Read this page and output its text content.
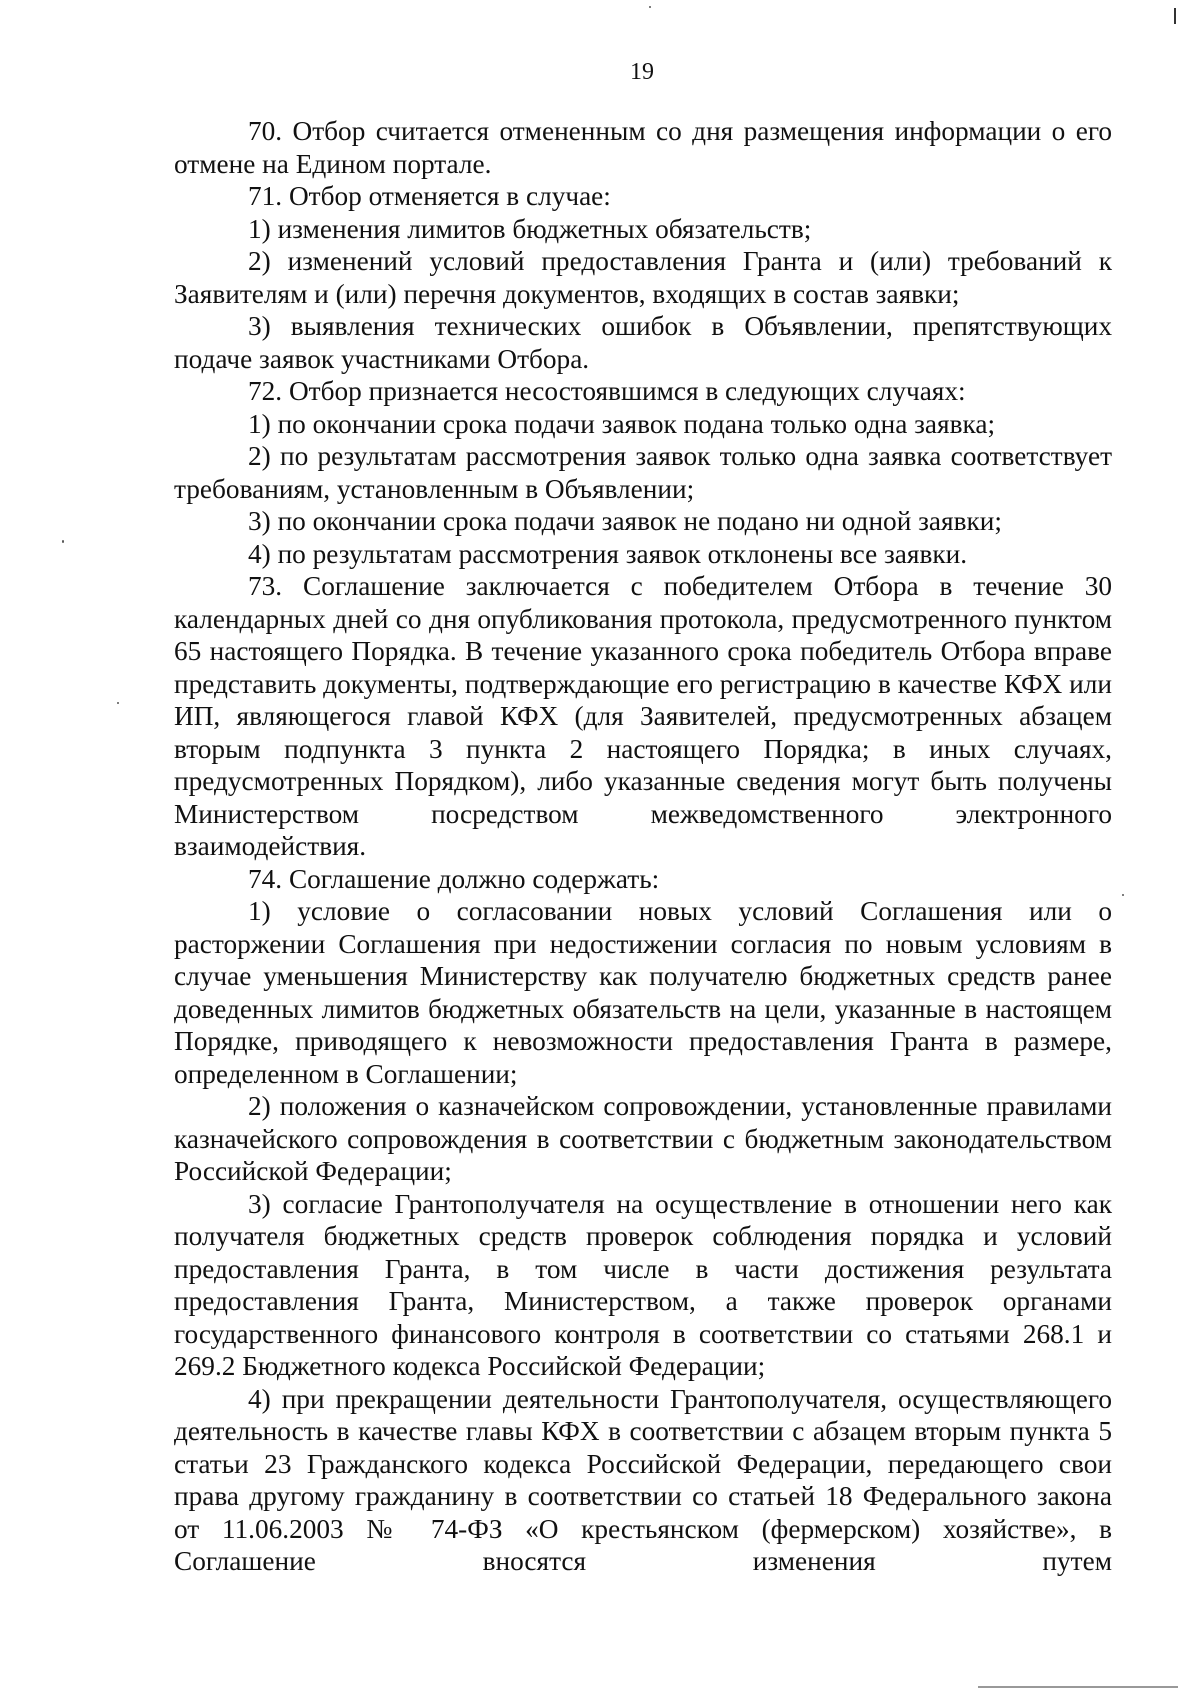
19

70. Отбор считается отмененным со дня размещения информации о его отмене на Едином портале.

71. Отбор отменяется в случае:

1) изменения лимитов бюджетных обязательств;

2) изменений условий предоставления Гранта и (или) требований к Заявителям и (или) перечня документов, входящих в состав заявки;

3) выявления технических ошибок в Объявлении, препятствующих подаче заявок участниками Отбора.

72. Отбор признается несостоявшимся в следующих случаях:

1) по окончании срока подачи заявок подана только одна заявка;

2) по результатам рассмотрения заявок только одна заявка соответствует требованиям, установленным в Объявлении;

3) по окончании срока подачи заявок не подано ни одной заявки;

4) по результатам рассмотрения заявок отклонены все заявки.

73. Соглашение заключается с победителем Отбора в течение 30 календарных дней со дня опубликования протокола, предусмотренного пунктом 65 настоящего Порядка. В течение указанного срока победитель Отбора вправе представить документы, подтверждающие его регистрацию в качестве КФХ или ИП, являющегося главой КФХ (для Заявителей, предусмотренных абзацем вторым подпункта 3 пункта 2 настоящего Порядка; в иных случаях, предусмотренных Порядком), либо указанные сведения могут быть получены Министерством посредством межведомственного электронного взаимодействия.

74. Соглашение должно содержать:

1) условие о согласовании новых условий Соглашения или о расторжении Соглашения при недостижении согласия по новым условиям в случае уменьшения Министерству как получателю бюджетных средств ранее доведенных лимитов бюджетных обязательств на цели, указанные в настоящем Порядке, приводящего к невозможности предоставления Гранта в размере, определенном в Соглашении;

2) положения о казначейском сопровождении, установленные правилами казначейского сопровождения в соответствии с бюджетным законодательством Российской Федерации;

3) согласие Грантополучателя на осуществление в отношении него как получателя бюджетных средств проверок соблюдения порядка и условий предоставления Гранта, в том числе в части достижения результата предоставления Гранта, Министерством, а также проверок органами государственного финансового контроля в соответствии со статьями 268.1 и 269.2 Бюджетного кодекса Российской Федерации;

4) при прекращении деятельности Грантополучателя, осуществляющего деятельность в качестве главы КФХ в соответствии с абзацем вторым пункта 5 статьи 23 Гражданского кодекса Российской Федерации, передающего свои права другому гражданину в соответствии со статьей 18 Федерального закона от 11.06.2003 № 74-ФЗ «О крестьянском (фермерском) хозяйстве», в Соглашение вносятся изменения путем
